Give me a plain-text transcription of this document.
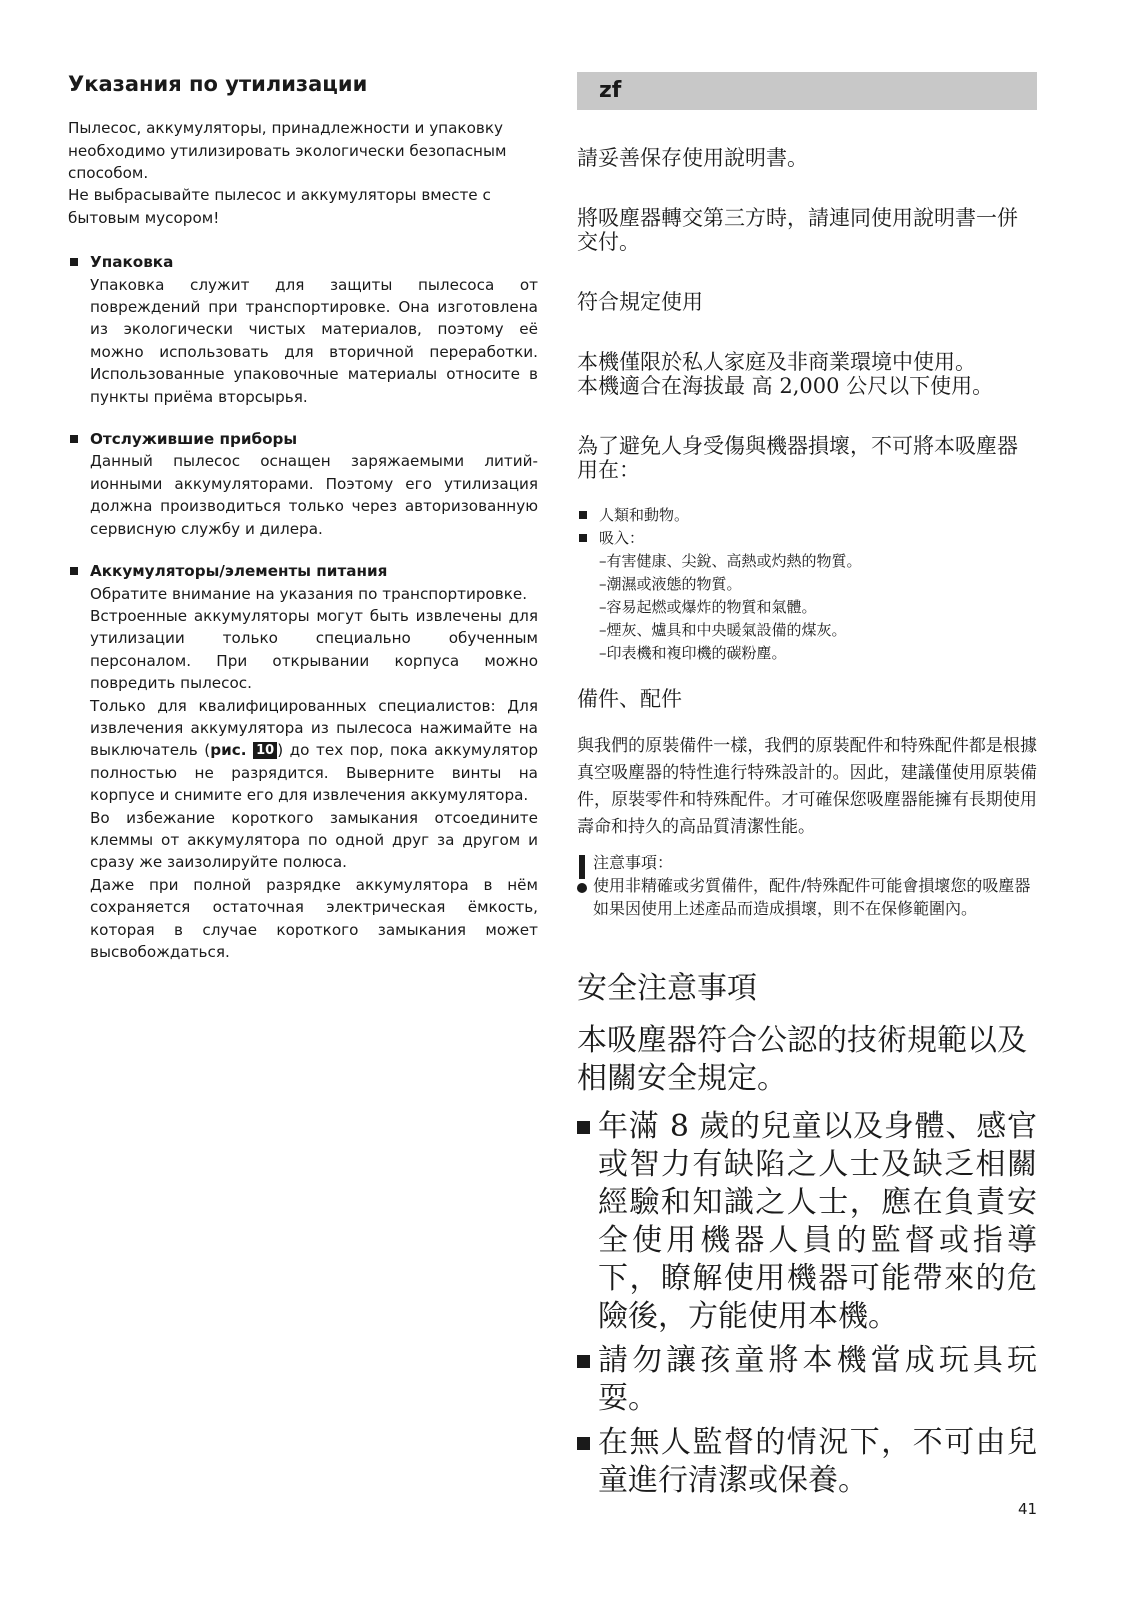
Указания по утилизации

Пылесос, аккумуляторы, принадлежности и упаковку необходимо утилизировать экологически безопасным способом.

Не выбрасывайте пылесос и аккумуляторы вместе с бытовым мусором!

Упаковка

Упаковка служит для защиты пылесоса от повреждений при транспортировке. Она изготовлена из экологически чистых материалов, поэтому её можно использовать для вторичной переработки. Использованные упаковочные материалы относите в пункты приёма вторсырья.

Отслужившие приборы

Данный пылесос оснащен заряжаемыми литий-ионными аккумуляторами. Поэтому его утилизация должна производиться только через авторизованную сервисную службу и дилера.

Аккумуляторы/элементы питания

Обратите внимание на указания по транспортировке.

Встроенные аккумуляторы могут быть извлечены для утилизации только специально обученным персоналом. При открывании корпуса можно повредить пылесос.

Только для квалифицированных специалистов: Для извлечения аккумулятора из пылесоса нажимайте на выключатель (рис. 10 ) до тех пор, пока аккумулятор полностью не разрядится. Выверните винты на корпусе и снимите его для извлечения аккумулятора.

Во избежание короткого замыкания отсоедините клеммы от аккумулятора по одной друг за другом и сразу же заизолируйте полюса.

Даже при полной разрядке аккумулятора в нём сохраняется остаточная электрическая ёмкость, которая в случае короткого замыкания может высвобождаться.

zf

請妥善保存使用說明書。

將吸塵器轉交第三方時，請連同使用說明書一併交付。

符合規定使用

本機僅限於私人家庭及非商業環境中使用。

本機適合在海拔最 高 2,000 公尺以下使用。

為了避免人身受傷與機器損壞，不可將本吸塵器用在：

人類和動物。
吸入：
– 有害健康、尖銳、高熱或灼熱的物質。
– 潮濕或液態的物質。
– 容易起燃或爆炸的物質和氣體。
– 煙灰、爐具和中央暖氣設備的煤灰。
– 印表機和複印機的碳粉塵。

備件、配件

與我們的原裝備件一樣，我們的原裝配件和特殊配件都是根據真空吸塵器的特性進行特殊設計的。因此，建議僅使用原裝備件，原裝零件和特殊配件。才可確保您吸塵器能擁有長期使用壽命和持久的高品質清潔性能。

注意事項：

使用非精確或劣質備件，配件/特殊配件可能會損壞您的吸塵器如果因使用上述產品而造成損壞，則不在保修範圍內。

安全注意事項

本吸塵器符合公認的技術規範以及相關安全規定。

年滿 8 歲的兒童以及身體、感官或智力有缺陷之人士及缺乏相關經驗和知識之人士，應在負責安全使用機器人員的監督或指導下，瞭解使用機器可能帶來的危險後，方能使用本機。
請勿讓孩童將本機當成玩具玩耍。
在無人監督的情況下，不可由兒童進行清潔或保養。
41
